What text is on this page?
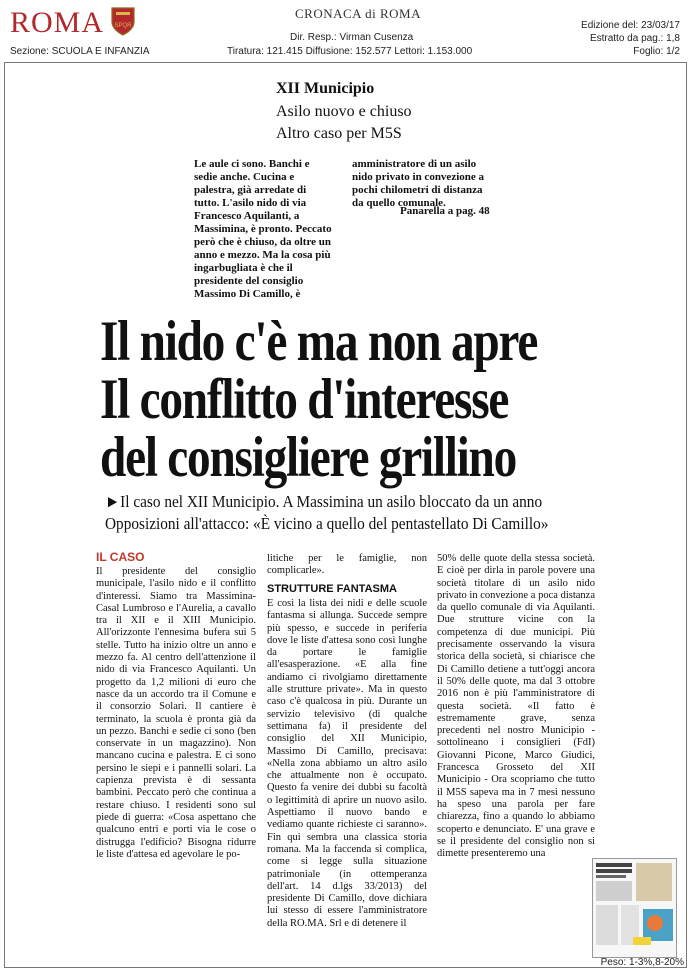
ROMA SPQR
Sezione: SCUOLA E INFANZIA
CRONACA di ROMA
Dir. Resp.: Virman Cusenza
Tiratura: 121.415 Diffusione: 152.577 Lettori: 1.153.000
Edizione del: 23/03/17
Estratto da pag.: 1,8
Foglio: 1/2
XII Municipio
Asilo nuovo e chiuso
Altro caso per M5S
Le aule ci sono. Banchi e sedie anche. Cucina e palestra, già arredate di tutto. L'asilo nido di via Francesco Aquilanti, a Massimina, è pronto. Peccato però che è chiuso, da oltre un anno e mezzo. Ma la cosa più ingarbugliata è che il presidente del consiglio Massimo Di Camillo, è
amministratore di un asilo nido privato in convezione a pochi chilometri di distanza da quello comunale.
Panarella a pag. 48
Il nido c'è ma non apre
Il conflitto d'interesse
del consigliere grillino
►Il caso nel XII Municipio. A Massimina un asilo bloccato da un anno
Opposizioni all'attacco: «È vicino a quello del pentastellato Di Camillo»
IL CASO
Il presidente del consiglio municipale, l'asilo nido e il conflitto d'interessi. Siamo tra Massimina-Casal Lumbroso e l'Aurelia, a cavallo tra il XII e il XIII Municipio. All'orizzonte l'ennesima bufera sui 5 stelle. Tutto ha inizio oltre un anno e mezzo fa. Al centro dell'attenzione il nido di via Francesco Aquilanti. Un progetto da 1,2 milioni di euro che nasce da un accordo tra il Comune e il consorzio Solari. Il cantiere è terminato, la scuola è pronta già da un pezzo. Banchi e sedie ci sono (ben conservate in un magazzino). Non mancano cucina e palestra. E ci sono persino le siepi e i pannelli solari. La capienza prevista è di sessanta bambini. Peccato però che continua a restare chiuso. I residenti sono sul piede di guerra: «Cosa aspettano che qualcuno entri e porti via le cose o distrugga l'edificio? Bisogna ridurre le liste d'attesa ed agevolare le po-
litiche per le famiglie, non complicarle».
STRUTTURE FANTASMA
E così la lista dei nidi e delle scuole fantasma si allunga. Succede sempre più spesso, e succede in periferia dove le liste d'attesa sono così lunghe da portare le famiglie all'esasperazione. «E alla fine andiamo ci rivolgiamo direttamente alle strutture private». Ma in questo caso c'è qualcosa in più. Durante un servizio televisivo (di qualche settimana fa) il presidente del consiglio del XII Municipio, Massimo Di Camillo, precisava: «Nella zona abbiamo un altro asilo che attualmente non è occupato. Questo fa venire dei dubbi su facoltà o legittimità di aprire un nuovo asilo. Aspettiamo il nuovo bando e vediamo quante richieste ci saranno». Fin qui sembra una classica storia romana. Ma la faccenda si complica, come si legge sulla situazione patrimoniale (in ottemperanza dell'art. 14 d.lgs 33/2013) del presidente Di Camillo, dove dichiara lui stesso di essere l'amministratore della RO.MA. Srl e di detenere il
50% delle quote della stessa società. E cioè per dirla in parole povere una società titolare di un asilo nido privato in convezione a poca distanza da quello comunale di via Aquilanti. Due strutture vicine con la competenza di due municipi. Più precisamente osservando la visura storica della società, si chiarisce che Di Camillo detiene a tutt'oggi ancora il 50% delle quote, ma dal 3 ottobre 2016 non è più l'amministratore di questa società. «Il fatto è estremamente grave, senza precedenti nel nostro Municipio - sottolineano i consiglieri (FdI) Giovanni Picone, Marco Giudici, Francesca Grosseto del XII Municipio - Ora scopriamo che tutto il M5S sapeva ma in 7 mesi nessuno ha speso una parola per fare chiarezza, fino a quando lo abbiamo scoperto e denunciato. E' una grave e se il presidente del consiglio non si dimette presenteremo una
Peso: 1-3%,8-20%
